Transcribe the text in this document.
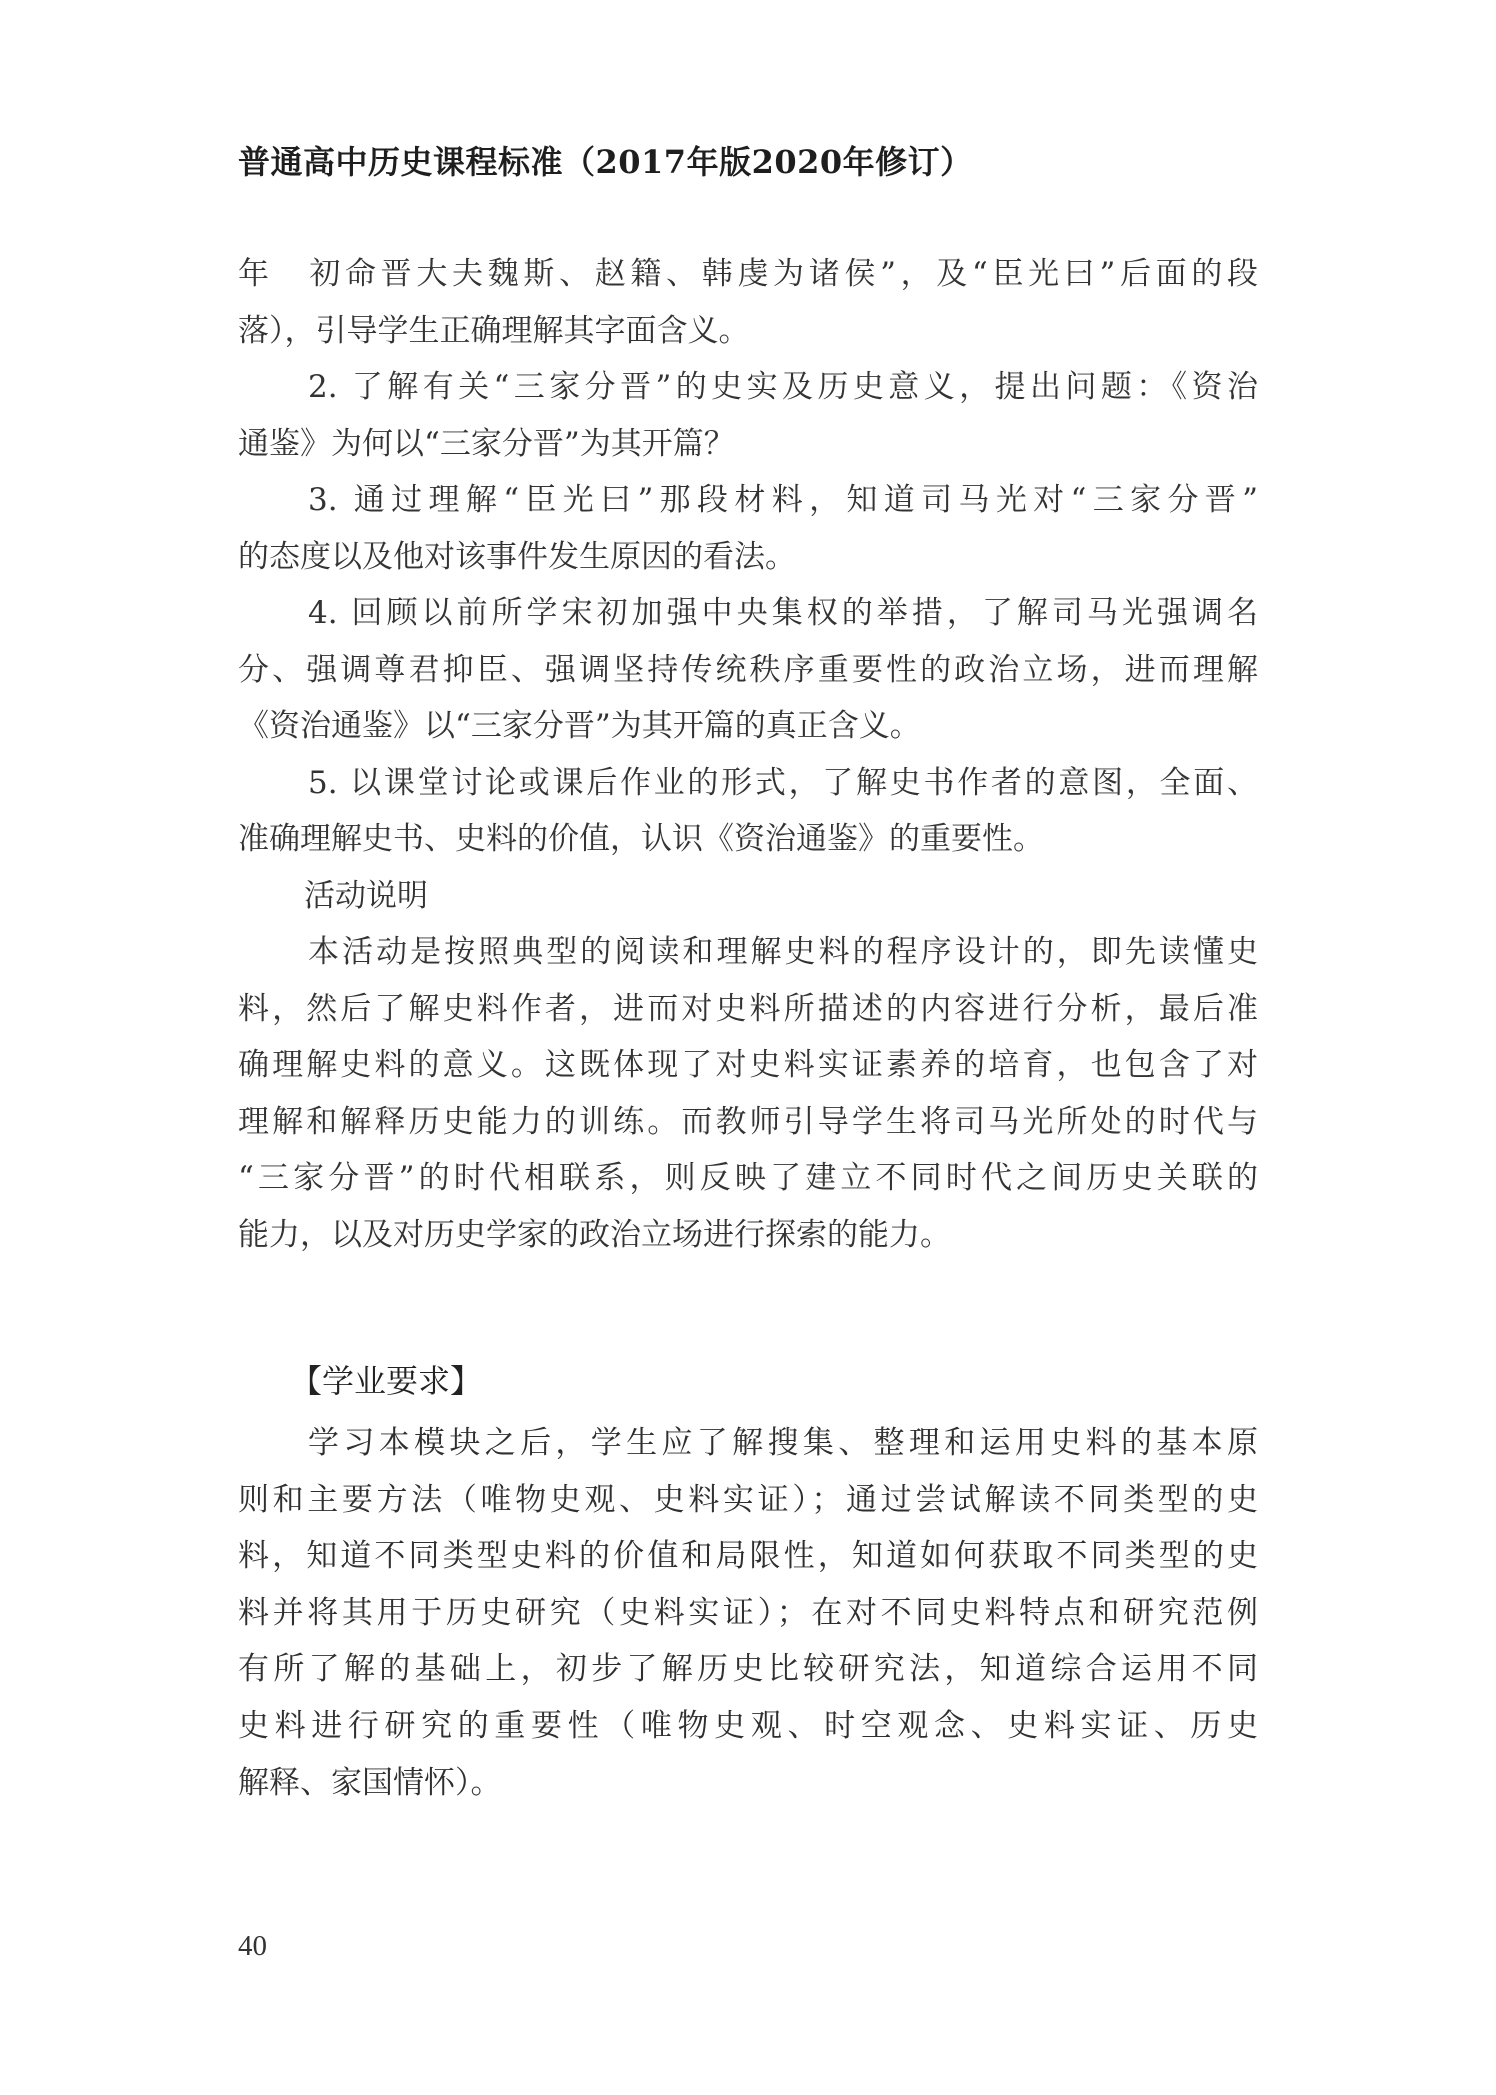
普通高中历史课程标准（2017年版2020年修订）
年　初命晋大夫魏斯、赵籍、韩虔为诸侯”，及“臣光曰”后面的段
落），引导学生正确理解其字面含义。
2. 了解有关“三家分晋”的史实及历史意义，提出问题：《资治
通鉴》为何以“三家分晋”为其开篇？
3. 通过理解“臣光曰”那段材料，知道司马光对“三家分晋”
的态度以及他对该事件发生原因的看法。
4. 回顾以前所学宋初加强中央集权的举措，了解司马光强调名
分、强调尊君抑臣、强调坚持传统秩序重要性的政治立场，进而理解
《资治通鉴》以“三家分晋”为其开篇的真正含义。
5. 以课堂讨论或课后作业的形式，了解史书作者的意图，全面、
准确理解史书、史料的价值，认识《资治通鉴》的重要性。
活动说明
本活动是按照典型的阅读和理解史料的程序设计的，即先读懂史
料，然后了解史料作者，进而对史料所描述的内容进行分析，最后准
确理解史料的意义。这既体现了对史料实证素养的培育，也包含了对
理解和解释历史能力的训练。而教师引导学生将司马光所处的时代与
“三家分晋”的时代相联系，则反映了建立不同时代之间历史关联的
能力，以及对历史学家的政治立场进行探索的能力。
【学业要求】
学习本模块之后，学生应了解搜集、整理和运用史料的基本原
则和主要方法（唯物史观、史料实证）；通过尝试解读不同类型的史
料，知道不同类型史料的价值和局限性，知道如何获取不同类型的史
料并将其用于历史研究（史料实证）；在对不同史料特点和研究范例
有所了解的基础上，初步了解历史比较研究法，知道综合运用不同
史料进行研究的重要性（唯物史观、时空观念、史料实证、历史
解释、家国情怀）。
40
